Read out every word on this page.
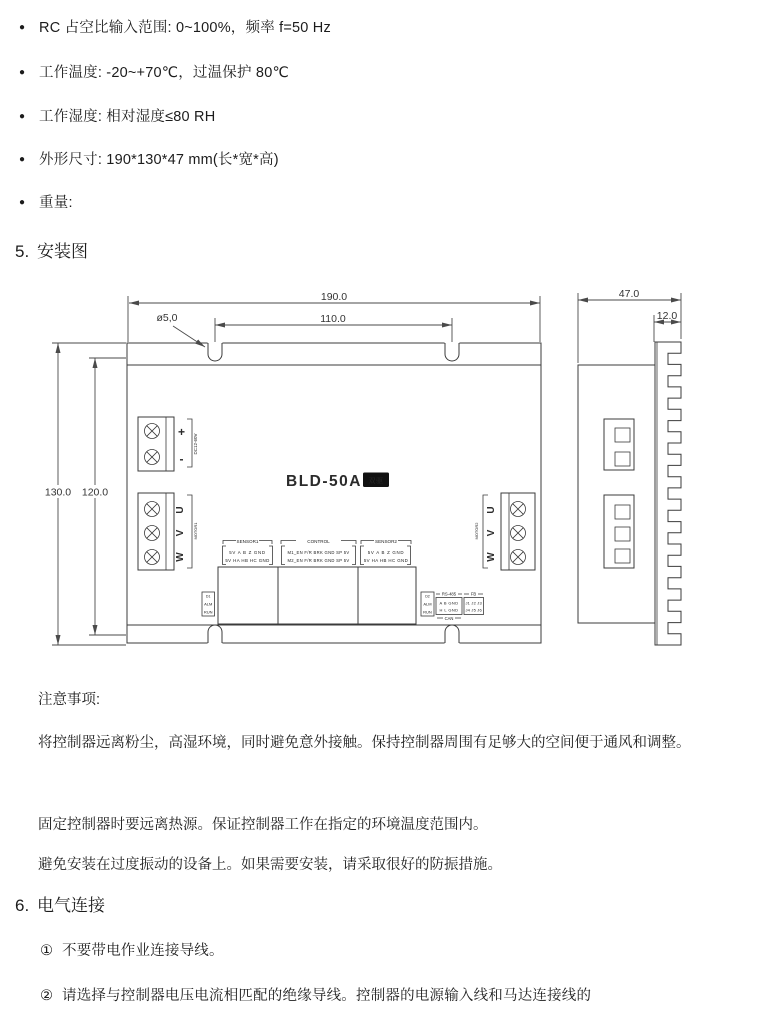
● RC 占空比输入范围: 0~100%，频率 f=50 Hz
● 工作温度: -20~+70℃，过温保护 80℃
● 工作湿度: 相对湿度≤80 RH
● 外形尺寸: 190*130*47 mm(长*宽*高)
● 重量:
5. 安装图
+
-
DC12-60V
U
V
W
MOTOR1
U
V
W
MOTOR2
BLD-50A 双驱
SENSOR1
5V A B Z GND
5V HA HB HC GND
CONTROL
M1_EN F/R BRK GND SP 5V
M2_EN F/R BRK GND SP 5V
SENSOR2
5V A B Z GND
5V HA HB HC GND
D1
ALM
RUN
D2
ALM
RUN
RS-485
A B GND
H L GND
CAN
FB
J1 J2 J3
J4 J5 J6
190.0
110.0
ø5,0
130.0 120.0
47.0
12.0
注意事项:

将控制器远离粉尘，高湿环境，同时避免意外接触。保持控制器周围有足够大的空间便于通风和调整。

固定控制器时要远离热源。保证控制器工作在指定的环境温度范围内。

避免安装在过度振动的设备上。如果需要安装，请采取很好的防振措施。

6. 电气连接
① 不要带电作业连接导线。
② 请选择与控制器电压电流相匹配的绝缘导线。控制器的电源输入线和马达连接线的
